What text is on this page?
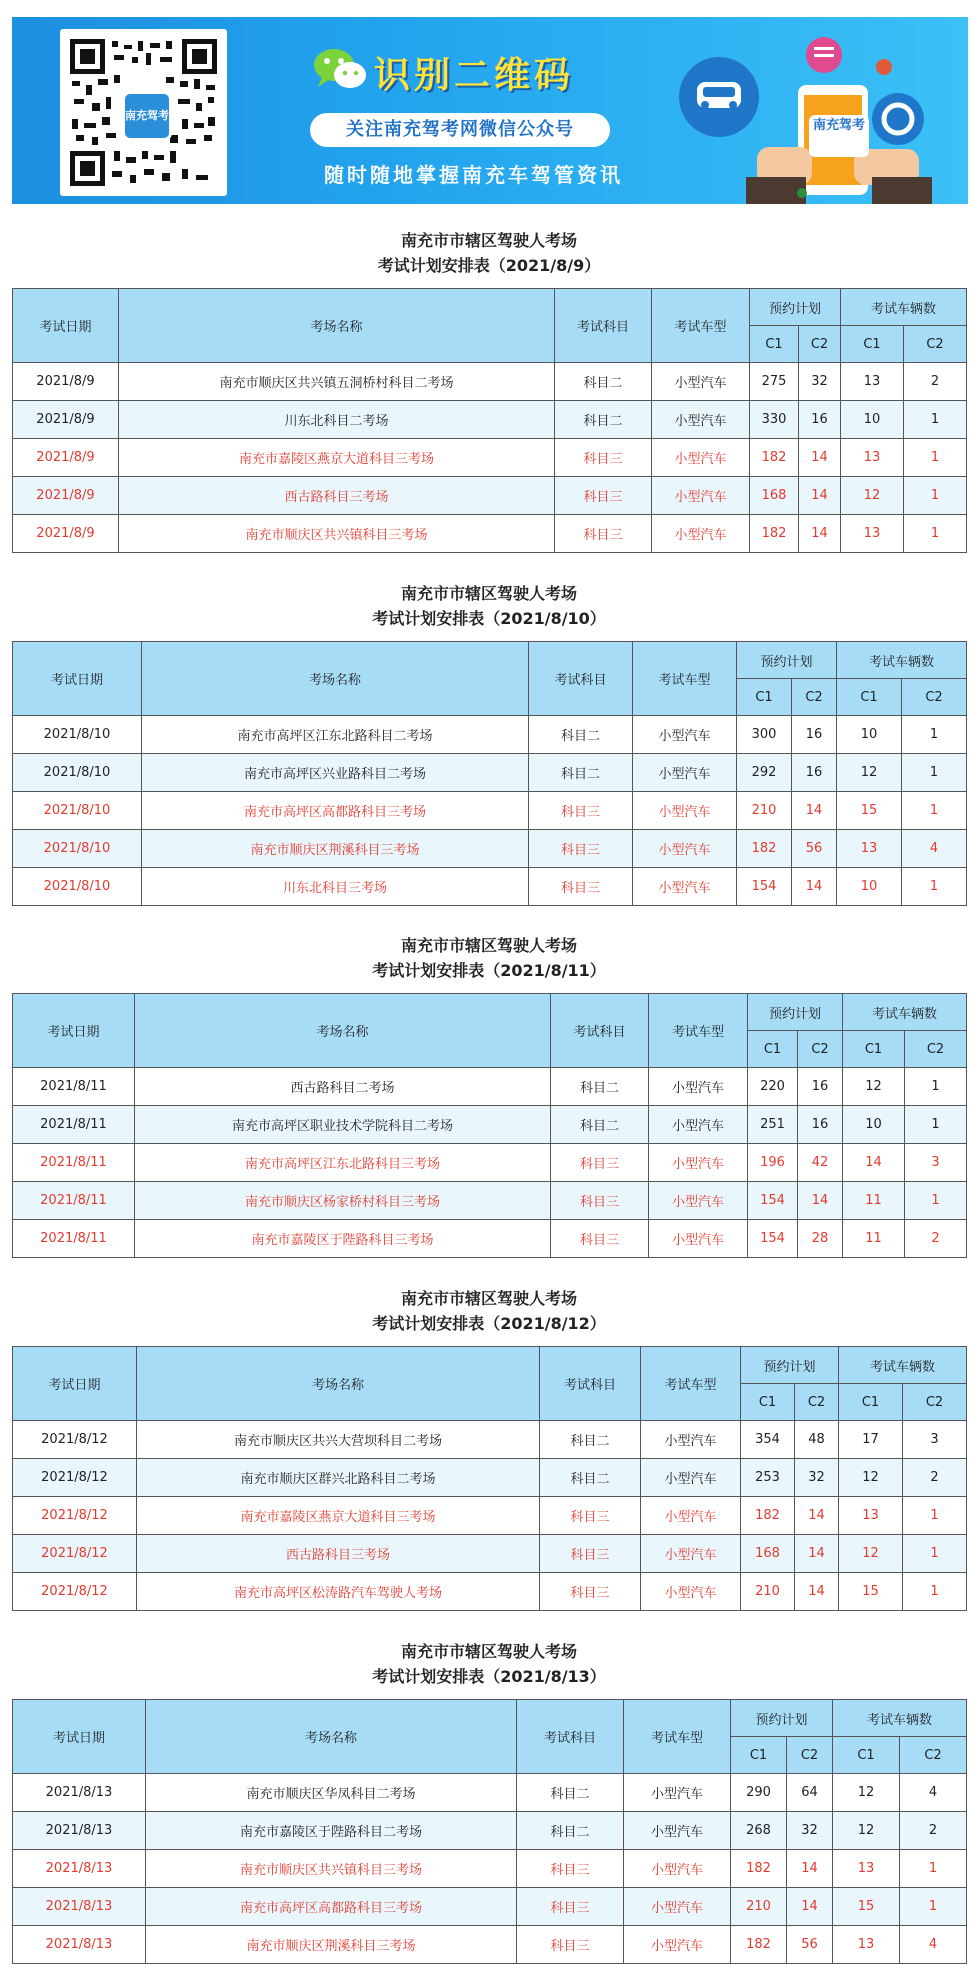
南充驾考
识别二维码
关注南充驾考网微信公众号
随时随地掌握南充车驾管资讯
南充驾考
南充市市辖区驾驶人考场
考试计划安排表（2021/8/9）
考试日期	考场名称	考试科目	考试车型	预约计划		考试车辆数	
				C1	C2	C1	C2
2021/8/9	南充市顺庆区共兴镇五洞桥村科目二考场	科目二	小型汽车	275	32	13	2
2021/8/9	川东北科目二考场	科目二	小型汽车	330	16	10	1
2021/8/9	南充市嘉陵区燕京大道科目三考场	科目三	小型汽车	182	14	13	1
2021/8/9	西古路科目三考场	科目三	小型汽车	168	14	12	1
2021/8/9	南充市顺庆区共兴镇科目三考场	科目三	小型汽车	182	14	13	1
南充市市辖区驾驶人考场
考试计划安排表（2021/8/10）
考试日期	考场名称	考试科目	考试车型	预约计划		考试车辆数	
				C1	C2	C1	C2
2021/8/10	南充市高坪区江东北路科目二考场	科目二	小型汽车	300	16	10	1
2021/8/10	南充市高坪区兴业路科目二考场	科目二	小型汽车	292	16	12	1
2021/8/10	南充市高坪区高都路科目三考场	科目三	小型汽车	210	14	15	1
2021/8/10	南充市顺庆区荆溪科目三考场	科目三	小型汽车	182	56	13	4
2021/8/10	川东北科目三考场	科目三	小型汽车	154	14	10	1
南充市市辖区驾驶人考场
考试计划安排表（2021/8/11）
考试日期	考场名称	考试科目	考试车型	预约计划		考试车辆数	
				C1	C2	C1	C2
2021/8/11	西古路科目二考场	科目二	小型汽车	220	16	12	1
2021/8/11	南充市高坪区职业技术学院科目二考场	科目二	小型汽车	251	16	10	1
2021/8/11	南充市高坪区江东北路科目三考场	科目三	小型汽车	196	42	14	3
2021/8/11	南充市顺庆区杨家桥村科目三考场	科目三	小型汽车	154	14	11	1
2021/8/11	南充市嘉陵区于陛路科目三考场	科目三	小型汽车	154	28	11	2
南充市市辖区驾驶人考场
考试计划安排表（2021/8/12）
考试日期	考场名称	考试科目	考试车型	预约计划		考试车辆数	
				C1	C2	C1	C2
2021/8/12	南充市顺庆区共兴大营坝科目二考场	科目二	小型汽车	354	48	17	3
2021/8/12	南充市顺庆区群兴北路科目二考场	科目二	小型汽车	253	32	12	2
2021/8/12	南充市嘉陵区燕京大道科目三考场	科目三	小型汽车	182	14	13	1
2021/8/12	西古路科目三考场	科目三	小型汽车	168	14	12	1
2021/8/12	南充市高坪区松涛路汽车驾驶人考场	科目三	小型汽车	210	14	15	1
南充市市辖区驾驶人考场
考试计划安排表（2021/8/13）
考试日期	考场名称	考试科目	考试车型	预约计划		考试车辆数	
				C1	C2	C1	C2
2021/8/13	南充市顺庆区华凤科目二考场	科目二	小型汽车	290	64	12	4
2021/8/13	南充市嘉陵区于陛路科目二考场	科目二	小型汽车	268	32	12	2
2021/8/13	南充市顺庆区共兴镇科目三考场	科目三	小型汽车	182	14	13	1
2021/8/13	南充市高坪区高都路科目三考场	科目三	小型汽车	210	14	15	1
2021/8/13	南充市顺庆区荆溪科目三考场	科目三	小型汽车	182	56	13	4
